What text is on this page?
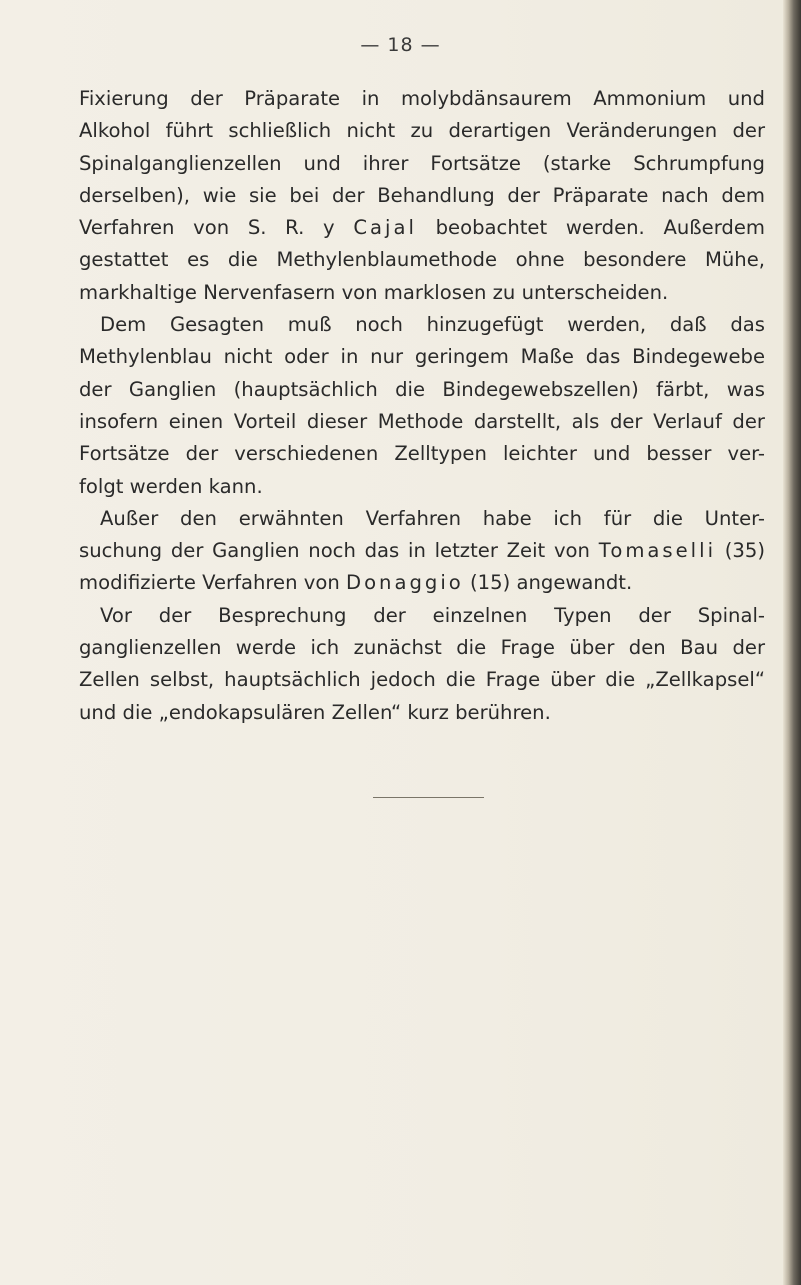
— 18 —
Fixierung der Präparate in molybdänsaurem Ammonium und
Alkohol führt schließlich nicht zu derartigen Veränderungen der
Spinalganglienzellen und ihrer Fortsätze (starke Schrumpfung
derselben), wie sie bei der Behandlung der Präparate nach dem
Verfahren von S. R. y Cajal beobachtet werden. Außerdem
gestattet es die Methylenblaumethode ohne besondere Mühe,
markhaltige Nervenfasern von marklosen zu unterscheiden.
Dem Gesagten muß noch hinzugefügt werden, daß das
Methylenblau nicht oder in nur geringem Maße das Bindegewebe
der Ganglien (hauptsächlich die Bindegewebszellen) färbt, was
insofern einen Vorteil dieser Methode darstellt, als der Verlauf der
Fortsätze der verschiedenen Zelltypen leichter und besser ver-
folgt werden kann.
Außer den erwähnten Verfahren habe ich für die Unter-
suchung der Ganglien noch das in letzter Zeit von Tomaselli (35)
modifizierte Verfahren von Donaggio (15) angewandt.
Vor der Besprechung der einzelnen Typen der Spinal-
ganglienzellen werde ich zunächst die Frage über den Bau der
Zellen selbst, hauptsächlich jedoch die Frage über die „Zellkapsel“
und die „endokapsulären Zellen“ kurz berühren.
